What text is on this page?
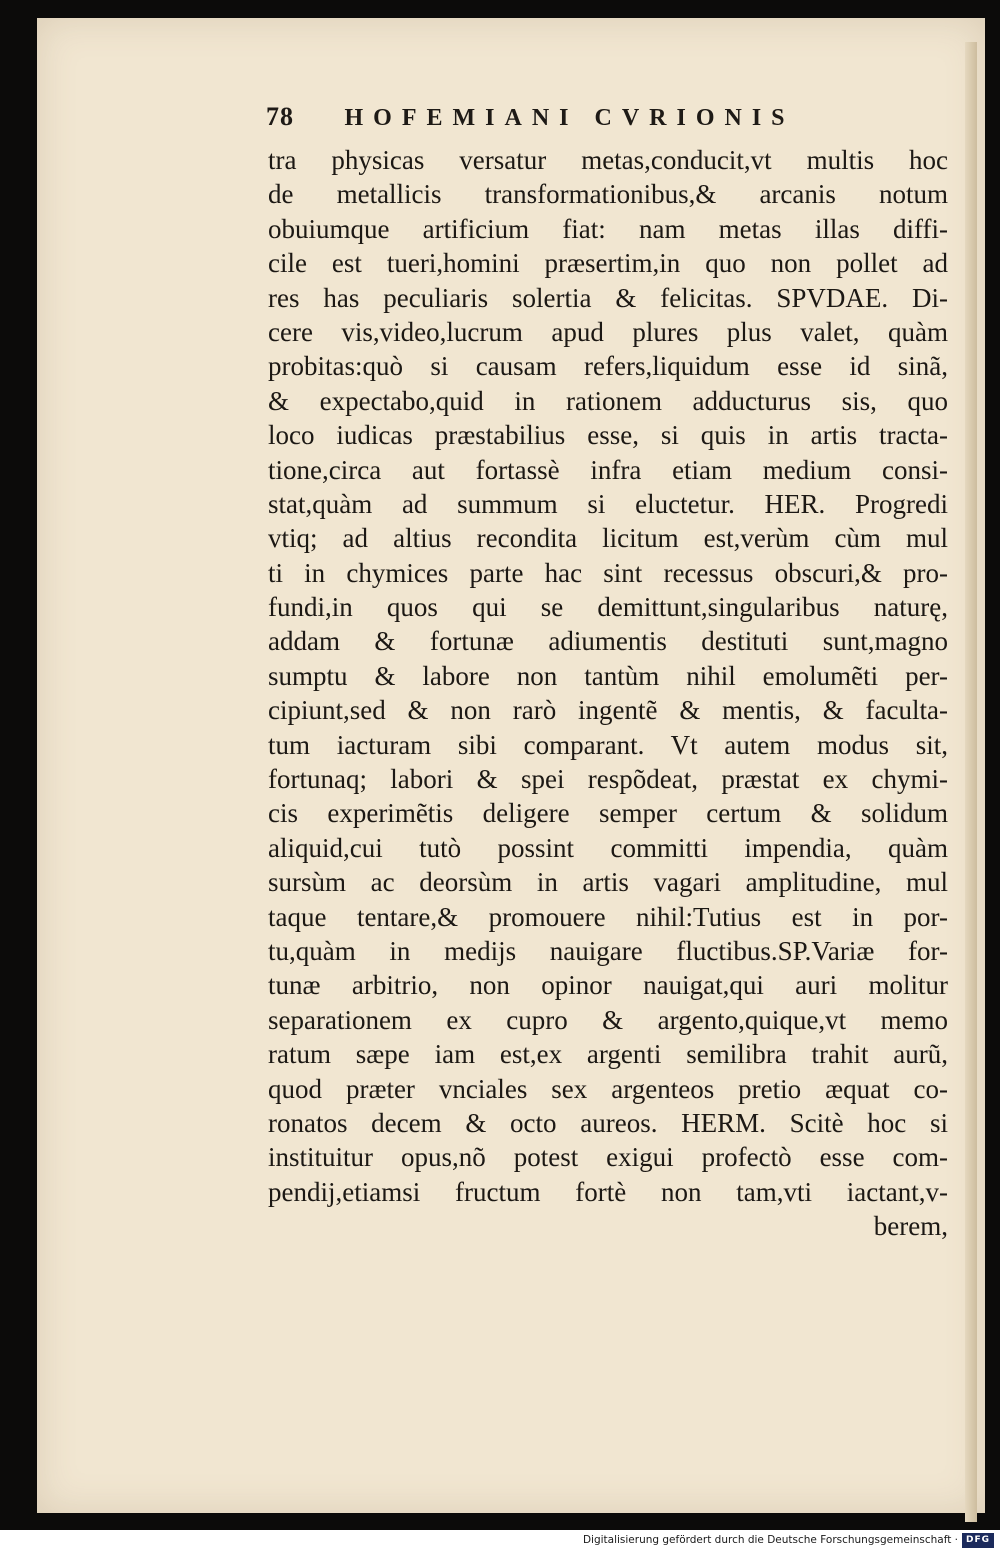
78 HOFEMIANI CVRIONIS
tra physicas versatur metas,conducit,vt multis hoc
de metallicis transformationibus,& arcanis notum
obuiumque artificium fiat: nam metas illas diffi-
cile est tueri,homini præsertim,in quo non pollet ad
res has peculiaris solertia & felicitas. SPVDAE. Di-
cere vis,video,lucrum apud plures plus valet, quàm
probitas:quò si causam refers,liquidum esse id sinã,
& expectabo,quid in rationem adducturus sis, quo
loco iudicas præstabilius esse, si quis in artis tracta-
tione,circa aut fortassè infra etiam medium consi-
stat,quàm ad summum si eluctetur. HER. Progredi
vtiq; ad altius recondita licitum est,verùm cùm mul
ti in chymices parte hac sint recessus obscuri,& pro-
fundi,in quos qui se demittunt,singularibus naturę,
addam & fortunæ adiumentis destituti sunt,magno
sumptu & labore non tantùm nihil emolumẽti per-
cipiunt,sed & non rarò ingentẽ & mentis, & faculta-
tum iacturam sibi comparant. Vt autem modus sit,
fortunaq; labori & spei respõdeat, præstat ex chymi-
cis experimẽtis deligere semper certum & solidum
aliquid,cui tutò possint committi impendia, quàm
sursùm ac deorsùm in artis vagari amplitudine, mul
taque tentare,& promouere nihil:Tutius est in por-
tu,quàm in medijs nauigare fluctibus.SP.Variæ for-
tunæ arbitrio, non opinor nauigat,qui auri molitur
separationem ex cupro & argento,quique,vt memo
ratum sæpe iam est,ex argenti semilibra trahit aurũ,
quod præter vnciales sex argenteos pretio æquat co-
ronatos decem & octo aureos. HERM. Scitè hoc si
instituitur opus,nõ potest exigui profectò esse com-
pendij,etiamsi fructum fortè non tam,vti iactant,v-
berem,
Digitalisierung gefördert durch die Deutsche Forschungsgemeinschaft · DFG
